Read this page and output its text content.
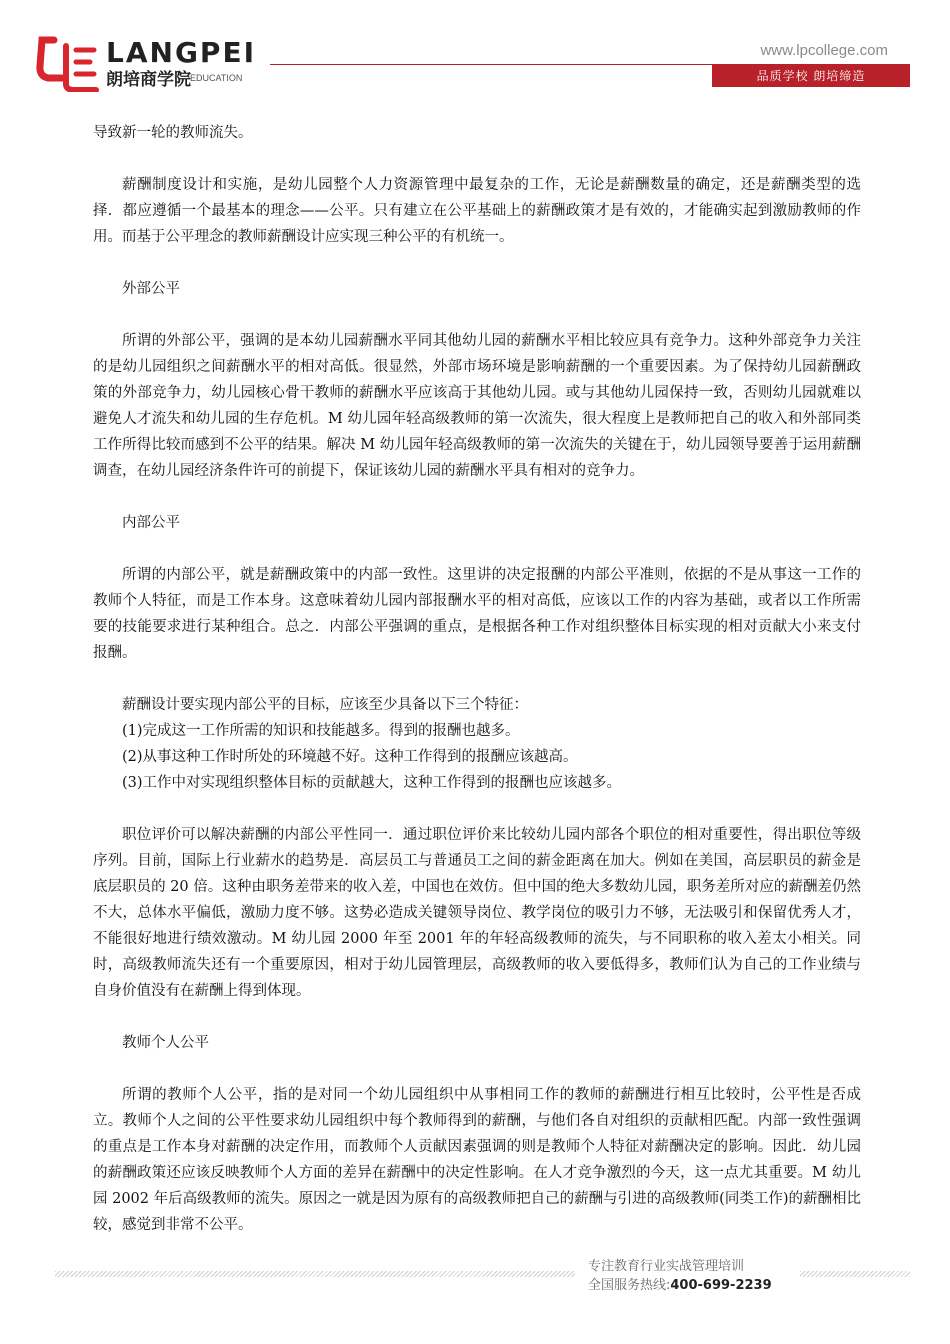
LANGPEI
朗培商学院 EDUCATION
www.lpcollege.com
品质学校 朗培缔造

导致新一轮的教师流失。

薪酬制度设计和实施，是幼儿园整个人力资源管理中最复杂的工作，无论是薪酬数量的确定，还是薪酬类型的选择．都应遵循一个最基本的理念——公平。只有建立在公平基础上的薪酬政策才是有效的，才能确实起到激励教师的作用。而基于公平理念的教师薪酬设计应实现三种公平的有机统一。

外部公平

所谓的外部公平，强调的是本幼儿园薪酬水平同其他幼儿园的薪酬水平相比较应具有竞争力。这种外部竞争力关注的是幼儿园组织之间薪酬水平的相对高低。很显然，外部市场环境是影响薪酬的一个重要因素。为了保持幼儿园薪酬政策的外部竞争力，幼儿园核心骨干教师的薪酬水平应该高于其他幼儿园。或与其他幼儿园保持一致，否则幼儿园就难以避免人才流失和幼儿园的生存危机。M 幼儿园年轻高级教师的第一次流失，很大程度上是教师把自己的收入和外部同类工作所得比较而感到不公平的结果。解决 M 幼儿园年轻高级教师的第一次流失的关键在于，幼儿园领导要善于运用薪酬调查，在幼儿园经济条件许可的前提下，保证该幼儿园的薪酬水平具有相对的竞争力。

内部公平

所谓的内部公平，就是薪酬政策中的内部一致性。这里讲的决定报酬的内部公平准则，依据的不是从事这一工作的教师个人特征，而是工作本身。这意味着幼儿园内部报酬水平的相对高低，应该以工作的内容为基础，或者以工作所需要的技能要求进行某种组合。总之．内部公平强调的重点，是根据各种工作对组织整体目标实现的相对贡献大小来支付报酬。

薪酬设计要实现内部公平的目标，应该至少具备以下三个特征：
(1)完成这一工作所需的知识和技能越多。得到的报酬也越多。
(2)从事这种工作时所处的环境越不好。这种工作得到的报酬应该越高。
(3)工作中对实现组织整体目标的贡献越大，这种工作得到的报酬也应该越多。

职位评价可以解决薪酬的内部公平性同一．通过职位评价来比较幼儿园内部各个职位的相对重要性，得出职位等级序列。目前，国际上行业薪水的趋势是．高层员工与普通员工之间的薪金距离在加大。例如在美国，高层职员的薪金是底层职员的 20 倍。这种由职务差带来的收入差，中国也在效仿。但中国的绝大多数幼儿园，职务差所对应的薪酬差仍然不大，总体水平偏低，激励力度不够。这势必造成关键领导岗位、教学岗位的吸引力不够，无法吸引和保留优秀人才，不能很好地进行绩效激动。M 幼儿园 2000 年至 2001 年的年轻高级教师的流失，与不同职称的收入差太小相关。同时，高级教师流失还有一个重要原因，相对于幼儿园管理层，高级教师的收入要低得多，教师们认为自己的工作业绩与自身价值没有在薪酬上得到体现。

教师个人公平

所谓的教师个人公平，指的是对同一个幼儿园组织中从事相同工作的教师的薪酬进行相互比较时，公平性是否成立。教师个人之间的公平性要求幼儿园组织中每个教师得到的薪酬，与他们各自对组织的贡献相匹配。内部一致性强调的重点是工作本身对薪酬的决定作用，而教师个人贡献因素强调的则是教师个人特征对薪酬决定的影响。因此．幼儿园的薪酬政策还应该反映教师个人方面的差异在薪酬中的决定性影响。在人才竞争激烈的今天，这一点尤其重要。M 幼儿园 2002 年后高级教师的流失。原因之一就是因为原有的高级教师把自己的薪酬与引进的高级教师(同类工作)的薪酬相比较，感觉到非常不公平。

专注教育行业实战管理培训
全国服务热线:400-699-2239
